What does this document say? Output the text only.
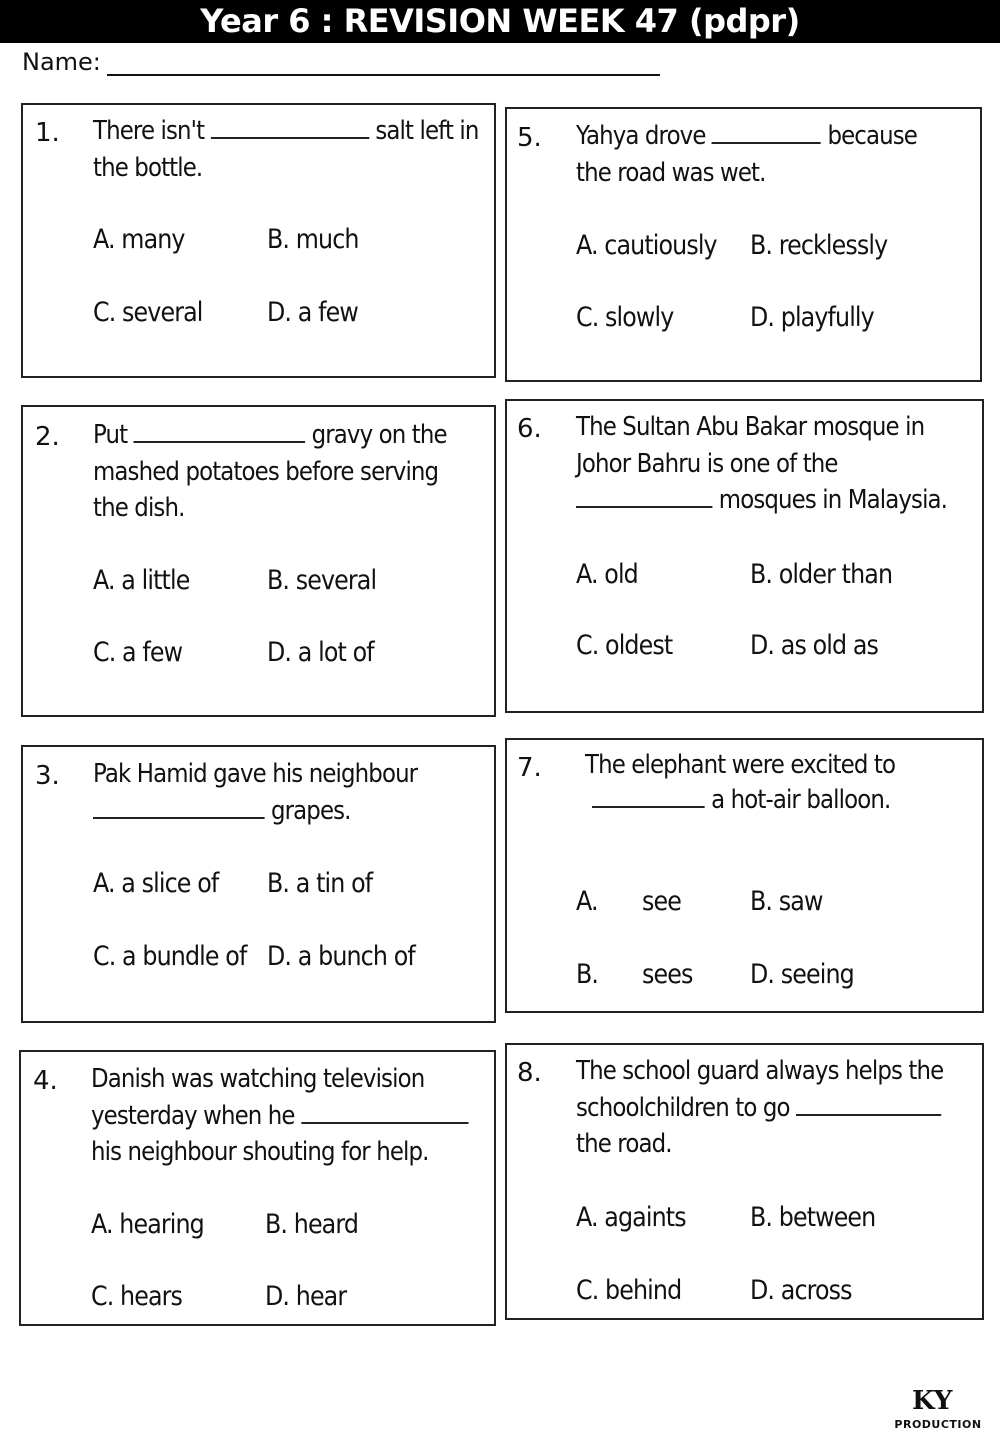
Year 6 : REVISION WEEK 47 (pdpr)
Name:
1. There isn't	salt left in
the bottle.
A. many	B. much
C. several D. a few
2. Put	gravy on the
mashed potatoes before serving
the dish.
A. a little	B. several
C. a few	D. a lot of
3. Pak Hamid gave his neighbour
grapes.
A. a slice of B. a tin of
C. a bundle of D. a bunch of
4. Danish was watching television
yesterday when he
his neighbour shouting for help.
A. hearing B. heard
C. hears	D. hear
5. Yahya drove	because
the road was wet.
A. cautiously B. recklessly
C. slowly	D. playfully
6. The Sultan Abu Bakar mosque in
Johor Bahru is one of the
mosques in Malaysia.
A. old	B. older than
C. oldest	D. as old as
7. The elephant were excited to
a hot-air balloon.
A. see	B. saw
B. sees D. seeing
8. The school guard always helps the
schoolchildren to go
the road.
A. againts B. between
C. behind	D. across
KY
PRODUCTION
